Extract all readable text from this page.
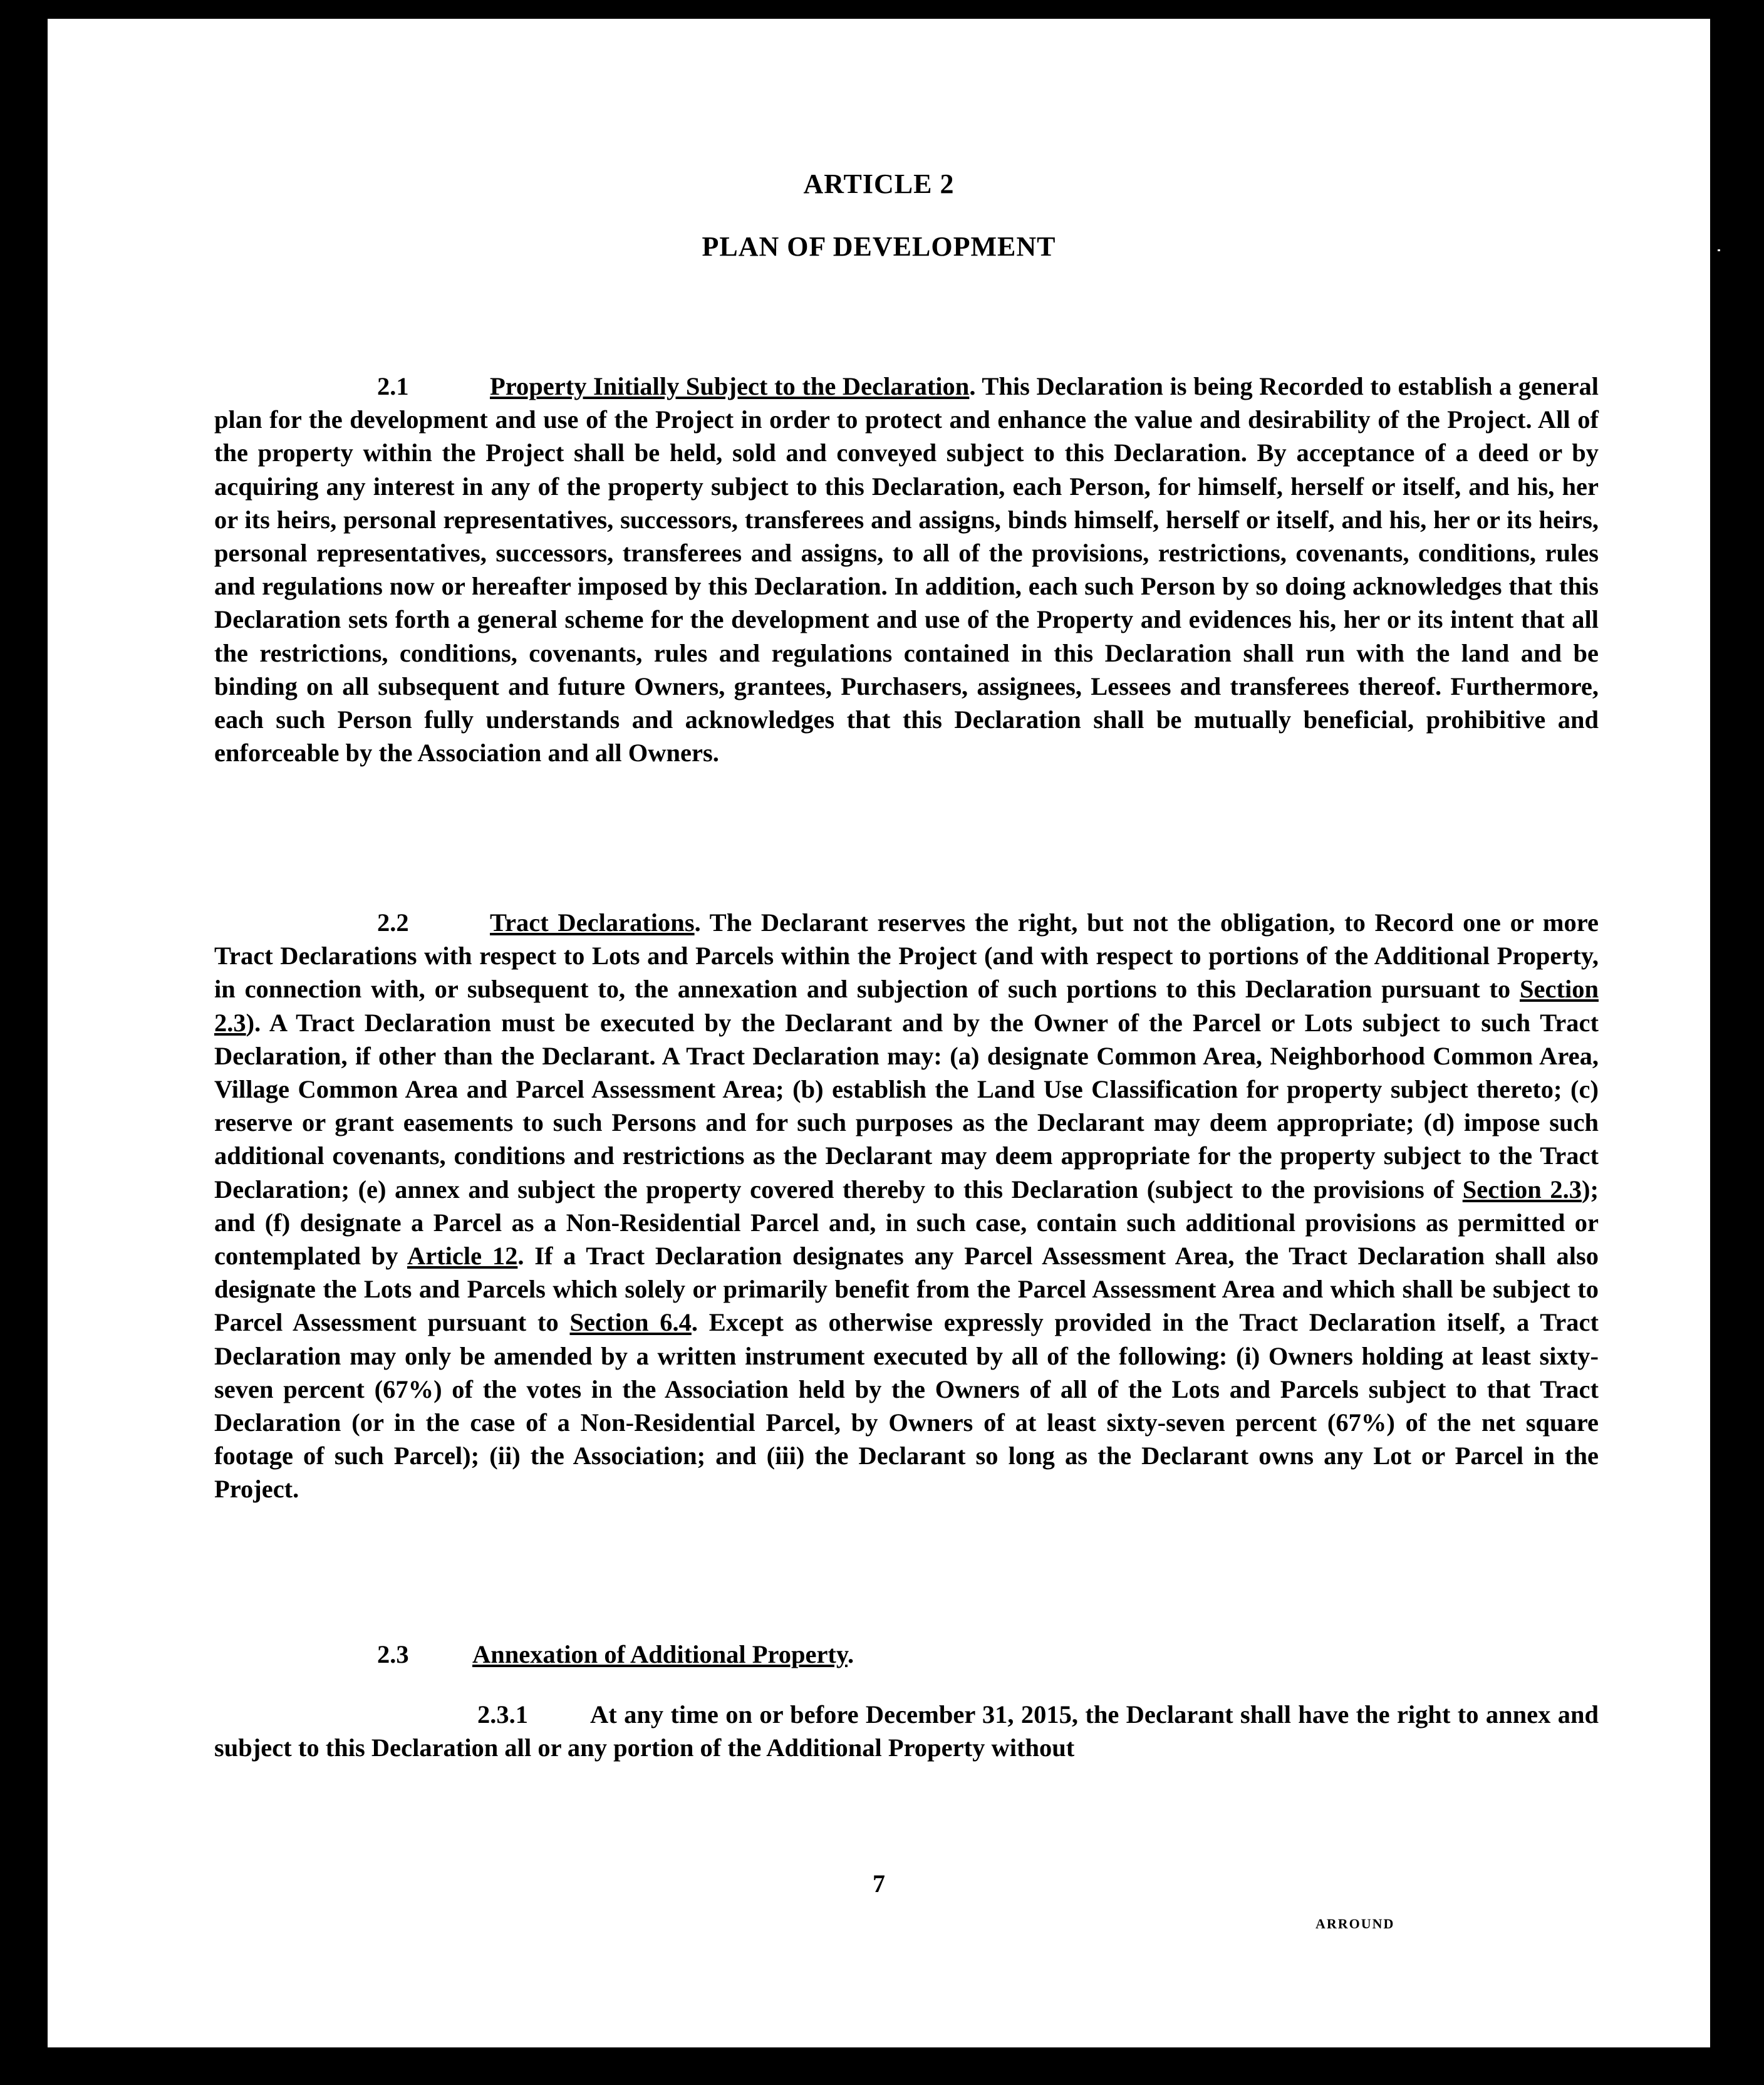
ARTICLE 2
PLAN OF DEVELOPMENT

2.1	Property Initially Subject to the Declaration. This Declaration is being Recorded to establish a general plan for the development and use of the Project in order to protect and enhance the value and desirability of the Project. All of the property within the Project shall be held, sold and conveyed subject to this Declaration. By acceptance of a deed or by acquiring any interest in any of the property subject to this Declaration, each Person, for himself, herself or itself, and his, her or its heirs, personal representatives, successors, transferees and assigns, binds himself, herself or itself, and his, her or its heirs, personal representatives, successors, transferees and assigns, to all of the provisions, restrictions, covenants, conditions, rules and regulations now or hereafter imposed by this Declaration. In addition, each such Person by so doing acknowledges that this Declaration sets forth a general scheme for the development and use of the Property and evidences his, her or its intent that all the restrictions, conditions, covenants, rules and regulations contained in this Declaration shall run with the land and be binding on all subsequent and future Owners, grantees, Purchasers, assignees, Lessees and transferees thereof. Furthermore, each such Person fully understands and acknowledges that this Declaration shall be mutually beneficial, prohibitive and enforceable by the Association and all Owners.

2.2	Tract Declarations. The Declarant reserves the right, but not the obligation, to Record one or more Tract Declarations with respect to Lots and Parcels within the Project (and with respect to portions of the Additional Property, in connection with, or subsequent to, the annexation and subjection of such portions to this Declaration pursuant to Section 2.3). A Tract Declaration must be executed by the Declarant and by the Owner of the Parcel or Lots subject to such Tract Declaration, if other than the Declarant. A Tract Declaration may: (a) designate Common Area, Neighborhood Common Area, Village Common Area and Parcel Assessment Area; (b) establish the Land Use Classification for property subject thereto; (c) reserve or grant easements to such Persons and for such purposes as the Declarant may deem appropriate; (d) impose such additional covenants, conditions and restrictions as the Declarant may deem appropriate for the property subject to the Tract Declaration; (e) annex and subject the property covered thereby to this Declaration (subject to the provisions of Section 2.3); and (f) designate a Parcel as a Non-Residential Parcel and, in such case, contain such additional provisions as permitted or contemplated by Article 12. If a Tract Declaration designates any Parcel Assessment Area, the Tract Declaration shall also designate the Lots and Parcels which solely or primarily benefit from the Parcel Assessment Area and which shall be subject to Parcel Assessment pursuant to Section 6.4. Except as otherwise expressly provided in the Tract Declaration itself, a Tract Declaration may only be amended by a written instrument executed by all of the following: (i) Owners holding at least sixty-seven percent (67%) of the votes in the Association held by the Owners of all of the Lots and Parcels subject to that Tract Declaration (or in the case of a Non-Residential Parcel, by Owners of at least sixty-seven percent (67%) of the net square footage of such Parcel); (ii) the Association; and (iii) the Declarant so long as the Declarant owns any Lot or Parcel in the Project.

2.3	Annexation of Additional Property.

2.3.1 At any time on or before December 31, 2015, the Declarant shall have the right to annex and subject to this Declaration all or any portion of the Additional Property without

7
ARROUND
